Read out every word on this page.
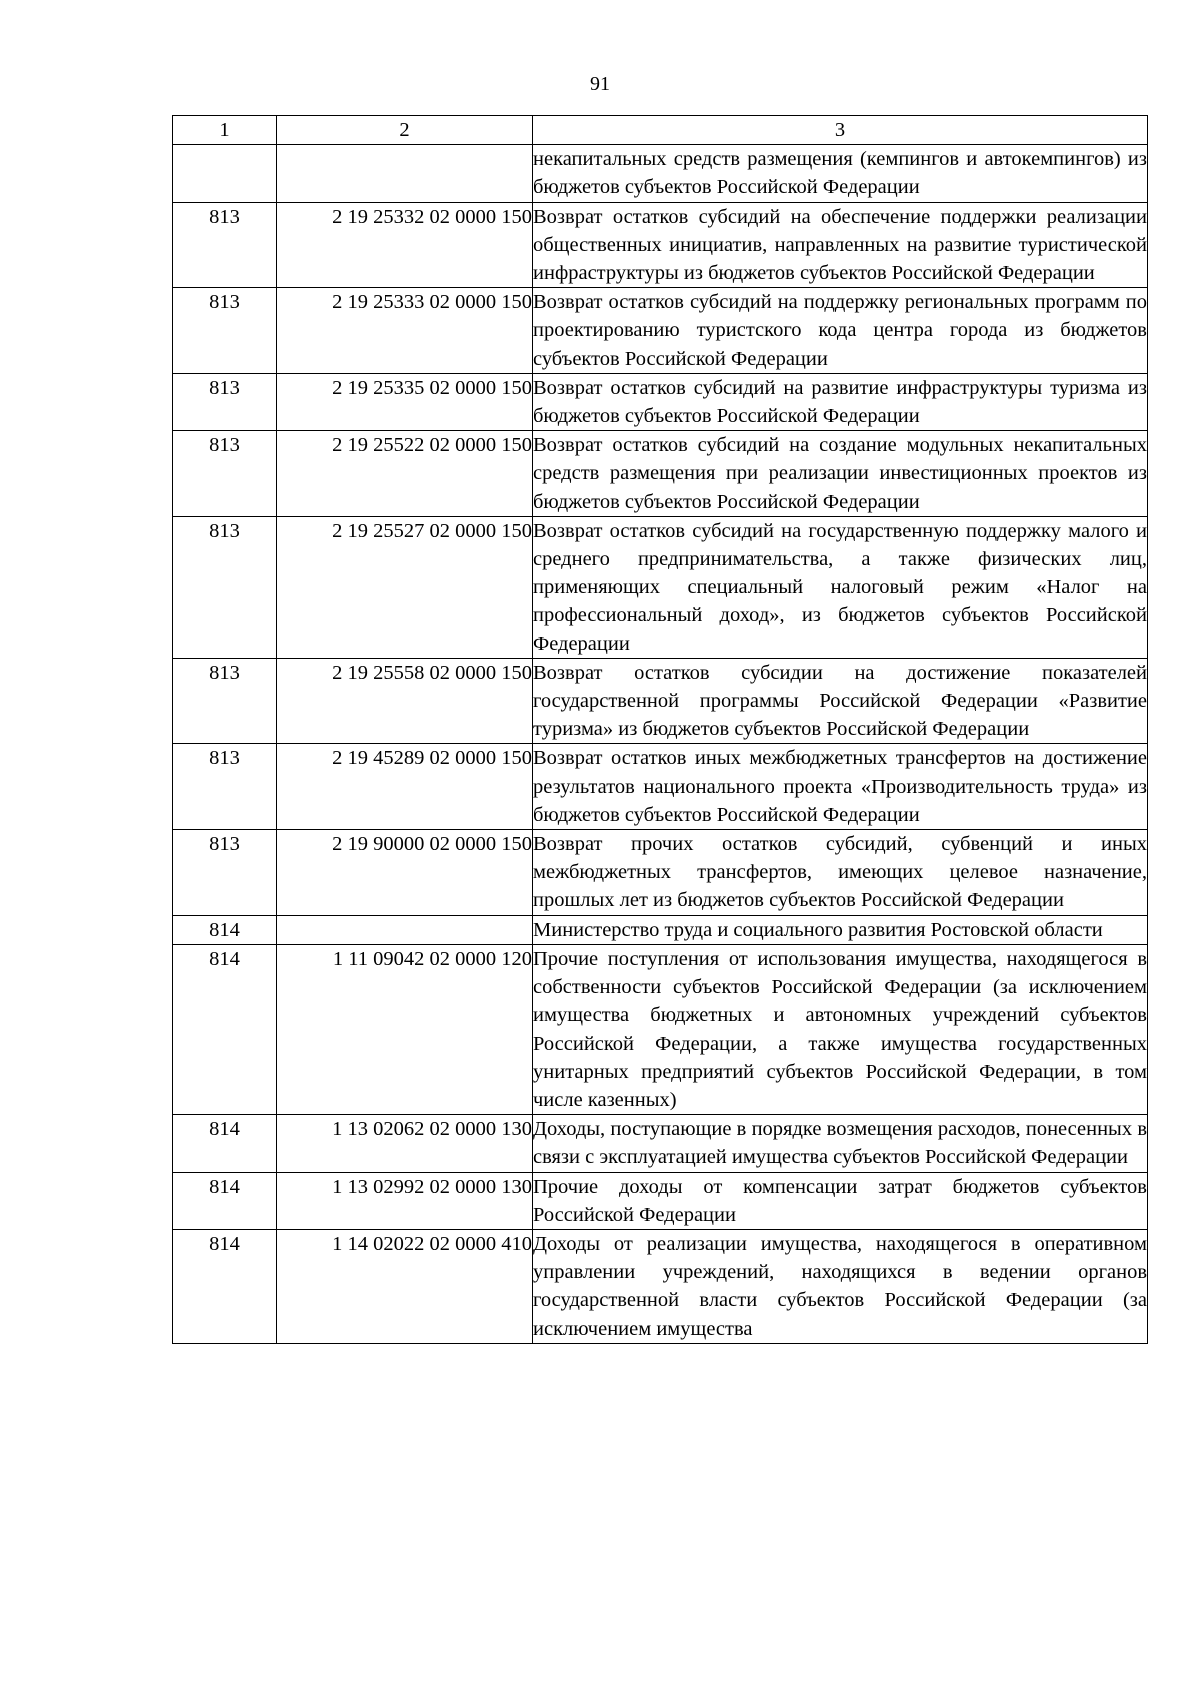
91
1	2	3
		некапитальных средств размещения (кемпингов и автокемпингов) из бюджетов субъектов Российской Федерации
813	2 19 25332 02 0000 150	Возврат остатков субсидий на обеспечение поддержки реализации общественных инициатив, направленных на развитие туристической инфраструктуры из бюджетов субъектов Российской Федерации
813	2 19 25333 02 0000 150	Возврат остатков субсидий на поддержку региональных программ по проектированию туристского кода центра города из бюджетов субъектов Российской Федерации
813	2 19 25335 02 0000 150	Возврат остатков субсидий на развитие инфраструктуры туризма из бюджетов субъектов Российской Федерации
813	2 19 25522 02 0000 150	Возврат остатков субсидий на создание модульных некапитальных средств размещения при реализации инвестиционных проектов из бюджетов субъектов Российской Федерации
813	2 19 25527 02 0000 150	Возврат остатков субсидий на государственную поддержку малого и среднего предпринимательства, а также физических лиц, применяющих специальный налоговый режим «Налог на профессиональный доход», из бюджетов субъектов Российской Федерации
813	2 19 25558 02 0000 150	Возврат остатков субсидии на достижение показателей государственной программы Российской Федерации «Развитие туризма» из бюджетов субъектов Российской Федерации
813	2 19 45289 02 0000 150	Возврат остатков иных межбюджетных трансфертов на достижение результатов национального проекта «Производительность труда» из бюджетов субъектов Российской Федерации
813	2 19 90000 02 0000 150	Возврат прочих остатков субсидий, субвенций и иных межбюджетных трансфертов, имеющих целевое назначение, прошлых лет из бюджетов субъектов Российской Федерации
814		Министерство труда и социального развития Ростовской области
814	1 11 09042 02 0000 120	Прочие поступления от использования имущества, находящегося в собственности субъектов Российской Федерации (за исключением имущества бюджетных и автономных учреждений субъектов Российской Федерации, а также имущества государственных унитарных предприятий субъектов Российской Федерации, в том числе казенных)
814	1 13 02062 02 0000 130	Доходы, поступающие в порядке возмещения расходов, понесенных в связи с эксплуатацией имущества субъектов Российской Федерации
814	1 13 02992 02 0000 130	Прочие доходы от компенсации затрат бюджетов субъектов Российской Федерации
814	1 14 02022 02 0000 410	Доходы от реализации имущества, находящегося в оперативном управлении учреждений, находящихся в ведении органов государственной власти субъектов Российской Федерации (за исключением имущества
